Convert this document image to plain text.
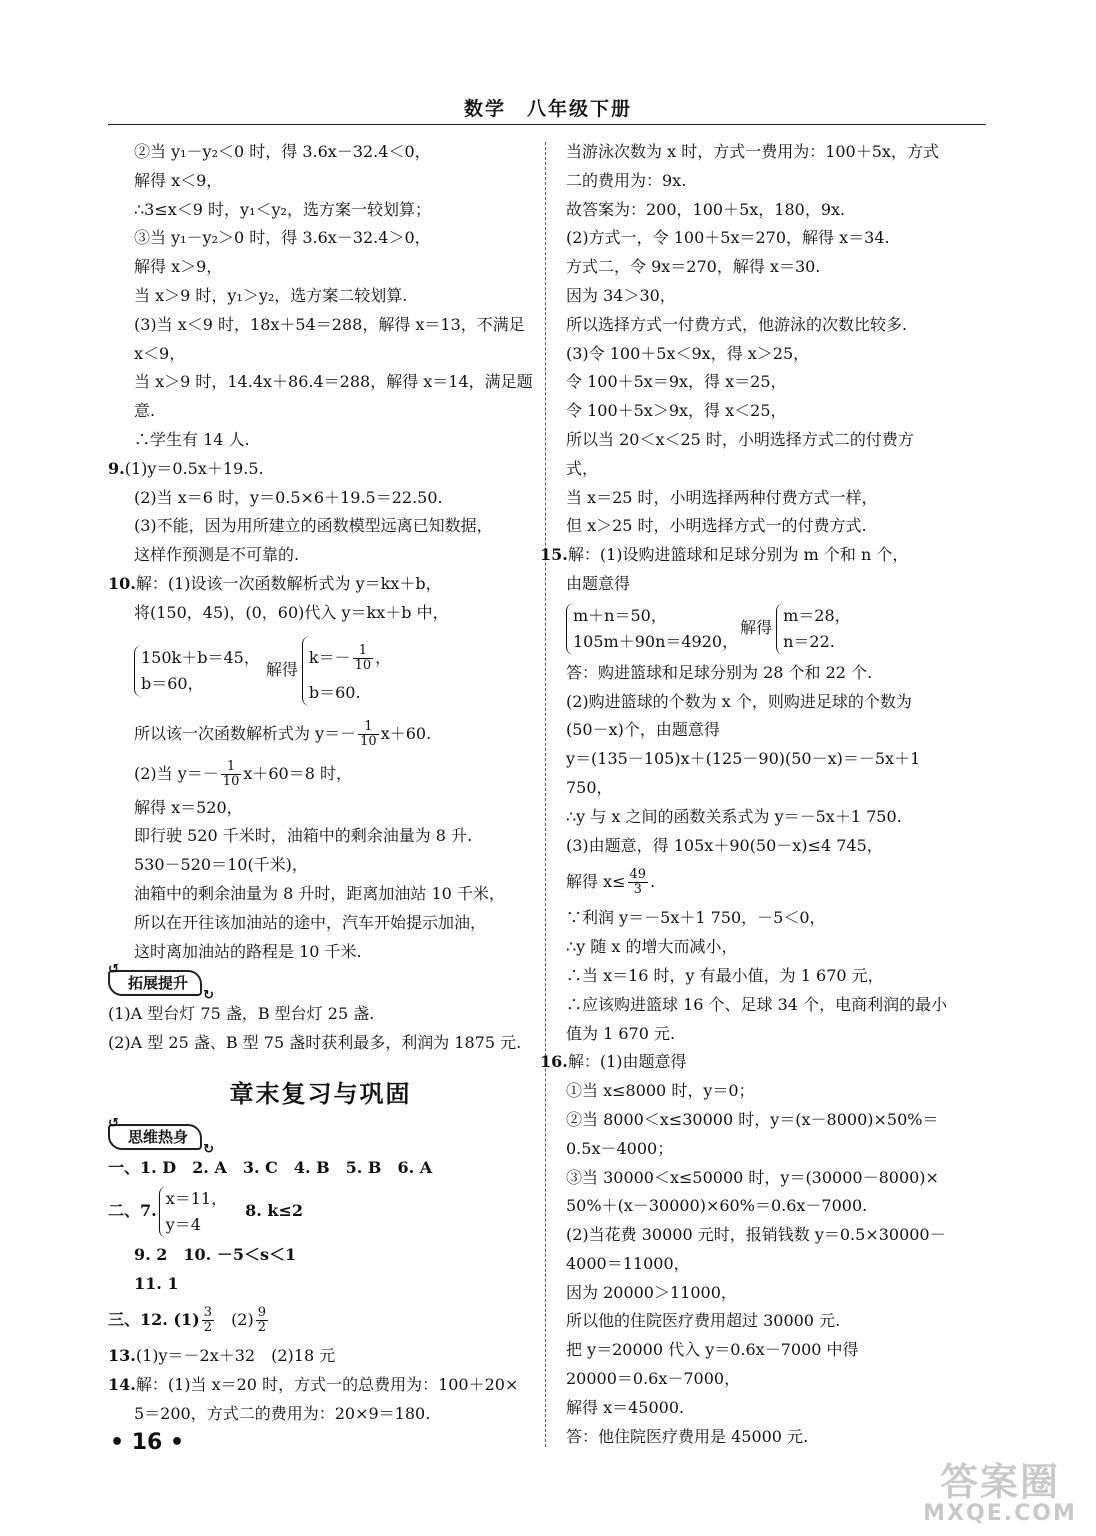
数学　八年级下册
②当 y₁－y₂＜0 时，得 3.6x－32.4＜0，
解得 x＜9，
∴3≤x＜9 时，y₁＜y₂，选方案一较划算；
③当 y₁－y₂＞0 时，得 3.6x－32.4＞0，
解得 x＞9，
当 x＞9 时，y₁＞y₂，选方案二较划算.
(3)当 x＜9 时，18x＋54＝288，解得 x＝13，不满足
x＜9，
当 x＞9 时，14.4x＋86.4＝288，解得 x＝14，满足题
意.
∴学生有 14 人.
9.(1)y＝0.5x＋19.5.
(2)当 x＝6 时，y＝0.5×6＋19.5＝22.50.
(3)不能，因为用所建立的函数模型远离已知数据，
这样作预测是不可靠的.
10.解：(1)设该一次函数解析式为 y＝kx＋b，
将(150，45)，(0，60)代入 y＝kx＋b 中，
150k＋b＝45，
b＝60，
解得
$k=- \frac{1}{10}$ ，
b＝60.
所以该一次函数解析式为 $y=- \frac{1}{10} x+60$.
(2)当 $y=- \frac{1}{10} x+60=8$ 时，
解得 x＝520，
即行驶 520 千米时，油箱中的剩余油量为 8 升.
530－520＝10(千米)，
油箱中的剩余油量为 8 升时，距离加油站 10 千米，
所以在开往该加油站的途中，汽车开始提示加油，
这时离加油站的路程是 10 千米.
↺
拓展提升
↻
(1)A 型台灯 75 盏，B 型台灯 25 盏.
(2)A 型 25 盏、B 型 75 盏时获利最多，利润为 1875 元.
章末复习与巩固
↺
思维热身
↻
一、1. D　2. A　3. C　4. B　5. B　6. A
二、7.
x＝11，
y＝4
8. k≤2
9. 2　10. －5＜s＜1
11. 1
三、12. $(1) \frac{3}{2} (2) \frac{9}{2}$
13.(1)y＝－2x＋32　(2)18 元
14.解：(1)当 x＝20 时，方式一的总费用为：100＋20×
5＝200，方式二的费用为：20×9＝180.
当游泳次数为 x 时，方式一费用为：100＋5x，方式
二的费用为：9x.
故答案为：200，100＋5x，180，9x.
(2)方式一，令 100＋5x＝270，解得 x＝34.
方式二，令 9x＝270，解得 x＝30.
因为 34＞30，
所以选择方式一付费方式，他游泳的次数比较多.
(3)令 100＋5x＜9x，得 x＞25，
令 100＋5x＝9x，得 x＝25，
令 100＋5x＞9x，得 x＜25，
所以当 20＜x＜25 时，小明选择方式二的付费方
式，
当 x＝25 时，小明选择两种付费方式一样，
但 x＞25 时，小明选择方式一的付费方式.
15.解：(1)设购进篮球和足球分别为 m 个和 n 个，
由题意得
m＋n＝50，
105m＋90n＝4920，
解得
m＝28，
n＝22.
答：购进篮球和足球分别为 28 个和 22 个.
(2)购进篮球的个数为 x 个，则购进足球的个数为
(50－x)个，由题意得
y＝(135－105)x＋(125－90)(50－x)＝－5x＋1
750，
∴y 与 x 之间的函数关系式为 y＝－5x＋1 750.
(3)由题意，得 105x＋90(50－x)≤4 745，
解得 $x\le \frac{49}{3}$ .
∵利润 y＝－5x＋1 750，－5＜0，
∴y 随 x 的增大而减小，
∴当 x＝16 时，y 有最小值，为 1 670 元，
∴应该购进篮球 16 个、足球 34 个，电商利润的最小
值为 1 670 元.
16.解：(1)由题意得
①当 x≤8000 时，y＝0；
②当 8000＜x≤30000 时，y＝(x－8000)×50%＝
0.5x－4000；
③当 30000＜x≤50000 时，y＝(30000－8000)×
50%＋(x－30000)×60%＝0.6x－7000.
(2)当花费 30000 元时，报销钱数 y＝0.5×30000－
4000＝11000，
因为 20000＞11000，
所以他的住院医疗费用超过 30000 元.
把 y＝20000 代入 y＝0.6x－7000 中得
20000＝0.6x－7000，
解得 x＝45000.
答：他住院医疗费用是 45000 元.
• 16 •
答案圈
MXQE.COM
